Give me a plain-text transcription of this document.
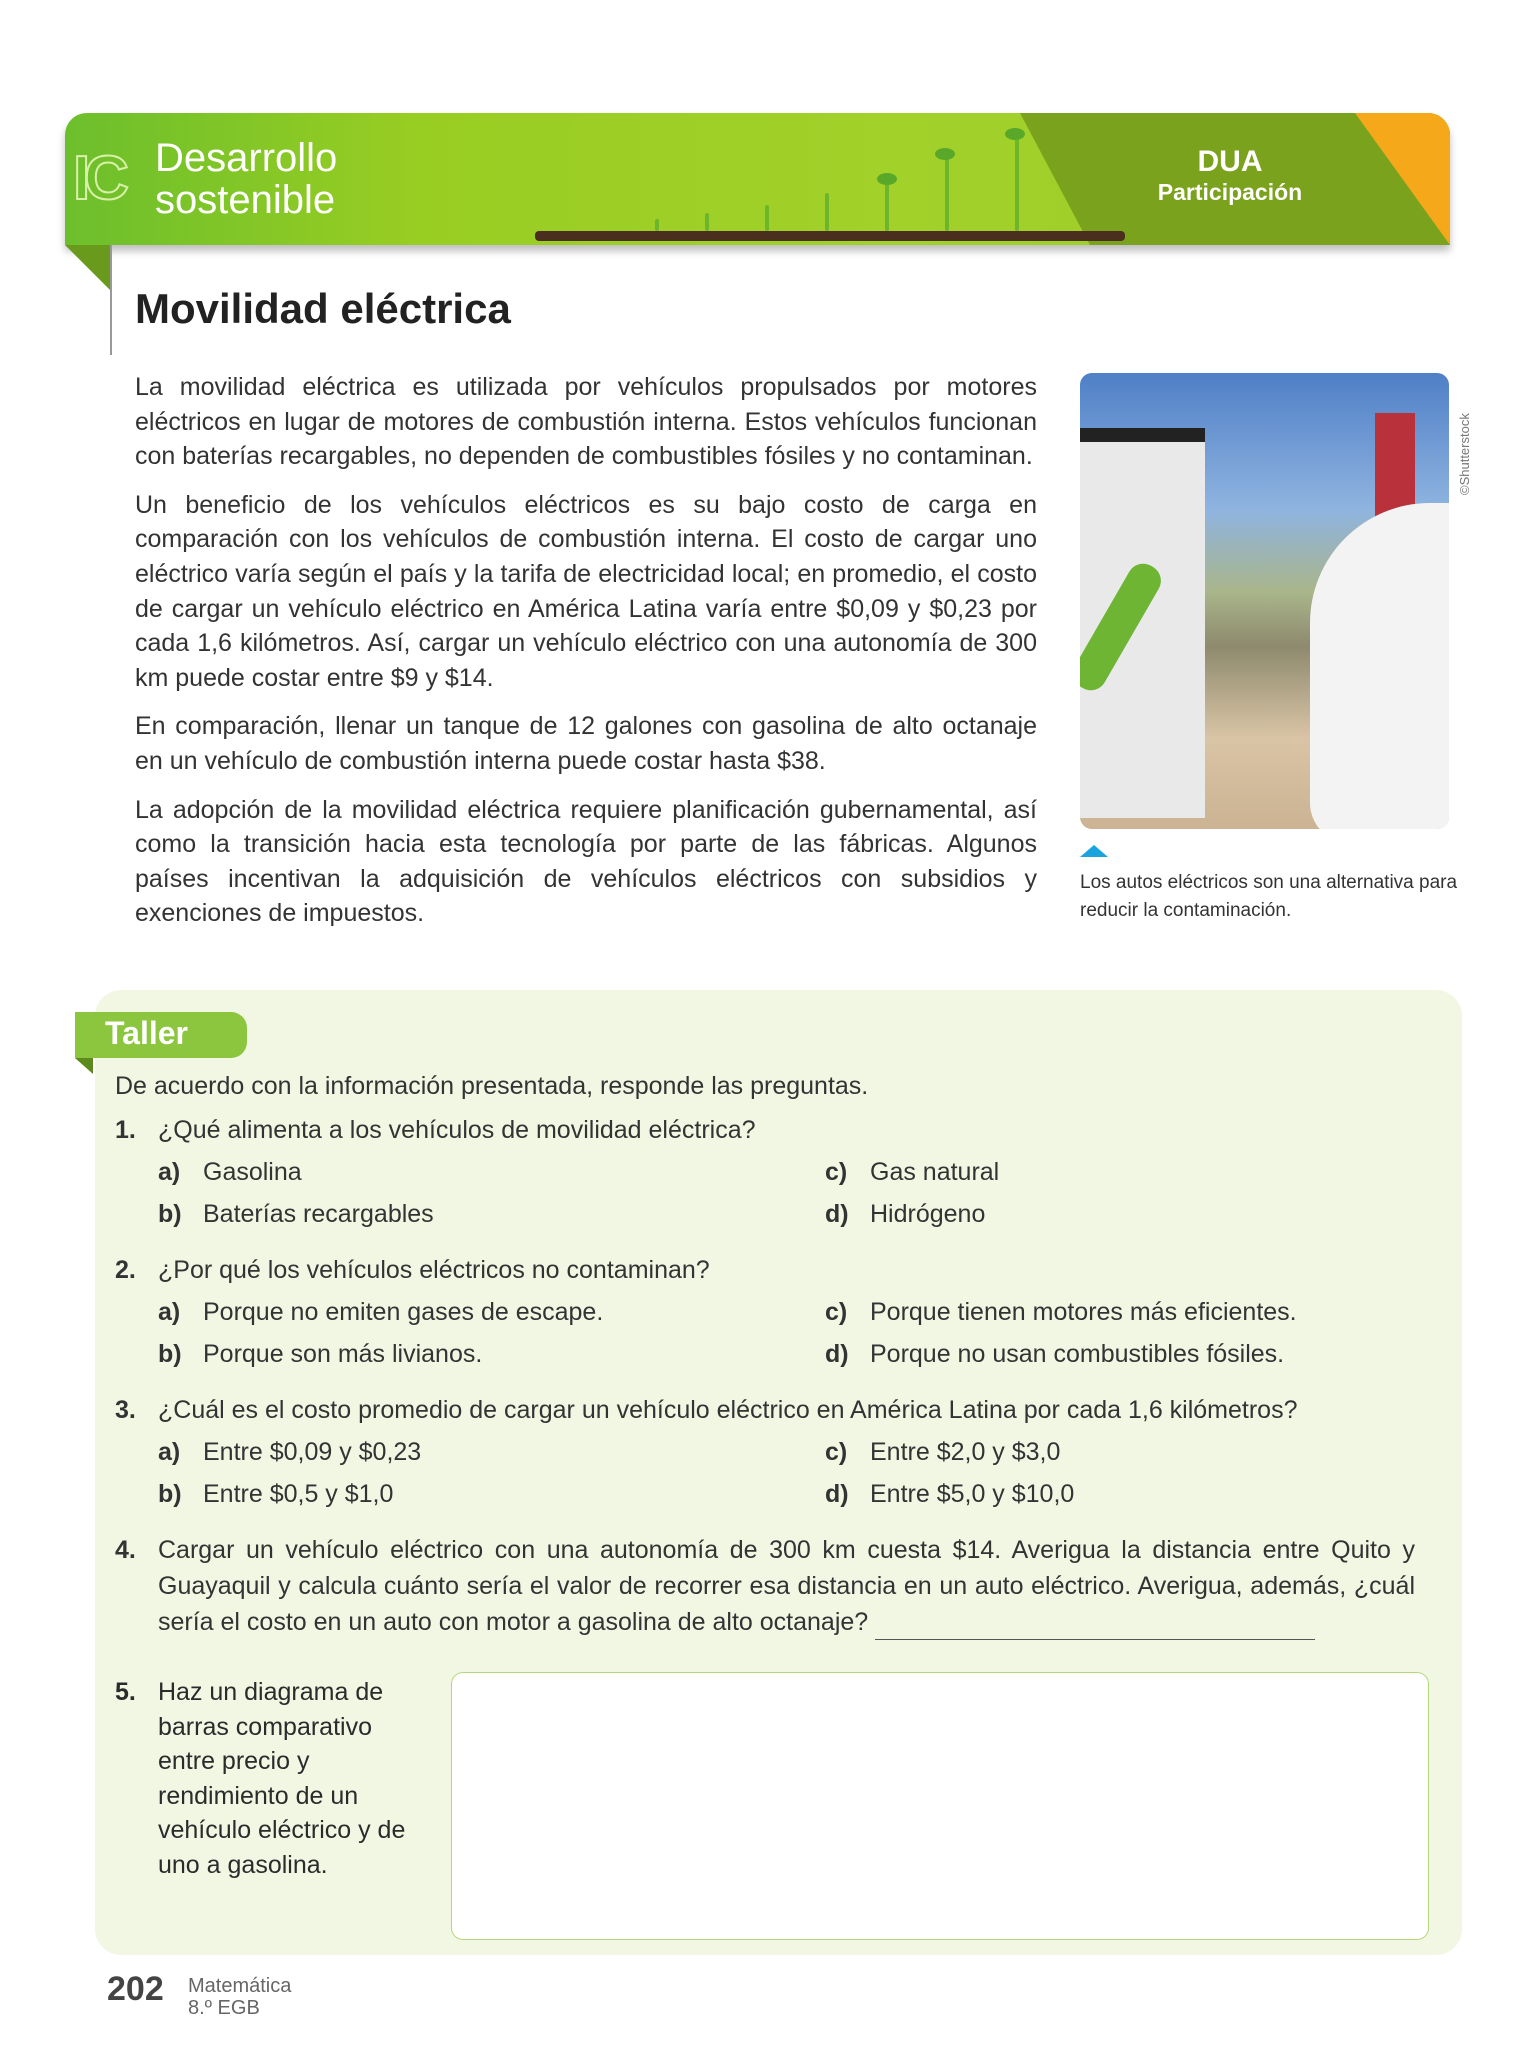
IC Desarrollo
sostenible
DUA
Participación
Movilidad eléctrica

La movilidad eléctrica es utilizada por vehículos propulsados por motores eléctricos en lugar de motores de combustión interna. Estos vehículos funcionan con baterías recargables, no dependen de combustibles fósiles y no contaminan.

Un beneficio de los vehículos eléctricos es su bajo costo de carga en comparación con los vehículos de combustión interna. El costo de cargar uno eléctrico varía según el país y la tarifa de electricidad local; en promedio, el costo de cargar un vehículo eléctrico en América Latina varía entre $0,09 y $0,23 por cada 1,6 kilómetros. Así, cargar un vehículo eléctrico con una autonomía de 300 km puede costar entre $9 y $14.

En comparación, llenar un tanque de 12 galones con gasolina de alto octanaje en un vehículo de combustión interna puede costar hasta $38.

La adopción de la movilidad eléctrica requiere planificación gubernamental, así como la transición hacia esta tecnología por parte de las fábricas. Algunos países incentivan la adquisición de vehículos eléctricos con subsidios y exenciones de impuestos.

©Shutterstock
Los autos eléctricos son una alternativa para reducir la contaminación.
Taller
De acuerdo con la información presentada, responde las preguntas.
1. ¿Qué alimenta a los vehículos de movilidad eléctrica?
a) Gasolina	c) Gas natural
b) Baterías recargables	d) Hidrógeno
2. ¿Por qué los vehículos eléctricos no contaminan?
a) Porque no emiten gases de escape.	c) Porque tienen motores más eficientes.
b) Porque son más livianos.	d) Porque no usan combustibles fósiles.
3. ¿Cuál es el costo promedio de cargar un vehículo eléctrico en América Latina por cada 1,6 kilómetros?
a) Entre $0,09 y $0,23	c) Entre $2,0 y $3,0
b) Entre $0,5 y $1,0	d) Entre $5,0 y $10,0
4. Cargar un vehículo eléctrico con una autonomía de 300 km cuesta $14. Averigua la distancia entre Quito y Guayaquil y calcula cuánto sería el valor de recorrer esa distancia en un auto eléctrico. Averigua, además, ¿cuál sería el costo en un auto con motor a gasolina de alto octanaje?
5. Haz un diagrama de barras comparativo entre precio y rendimiento de un vehículo eléctrico y de uno a gasolina.
202 Matemática
8.º EGB
